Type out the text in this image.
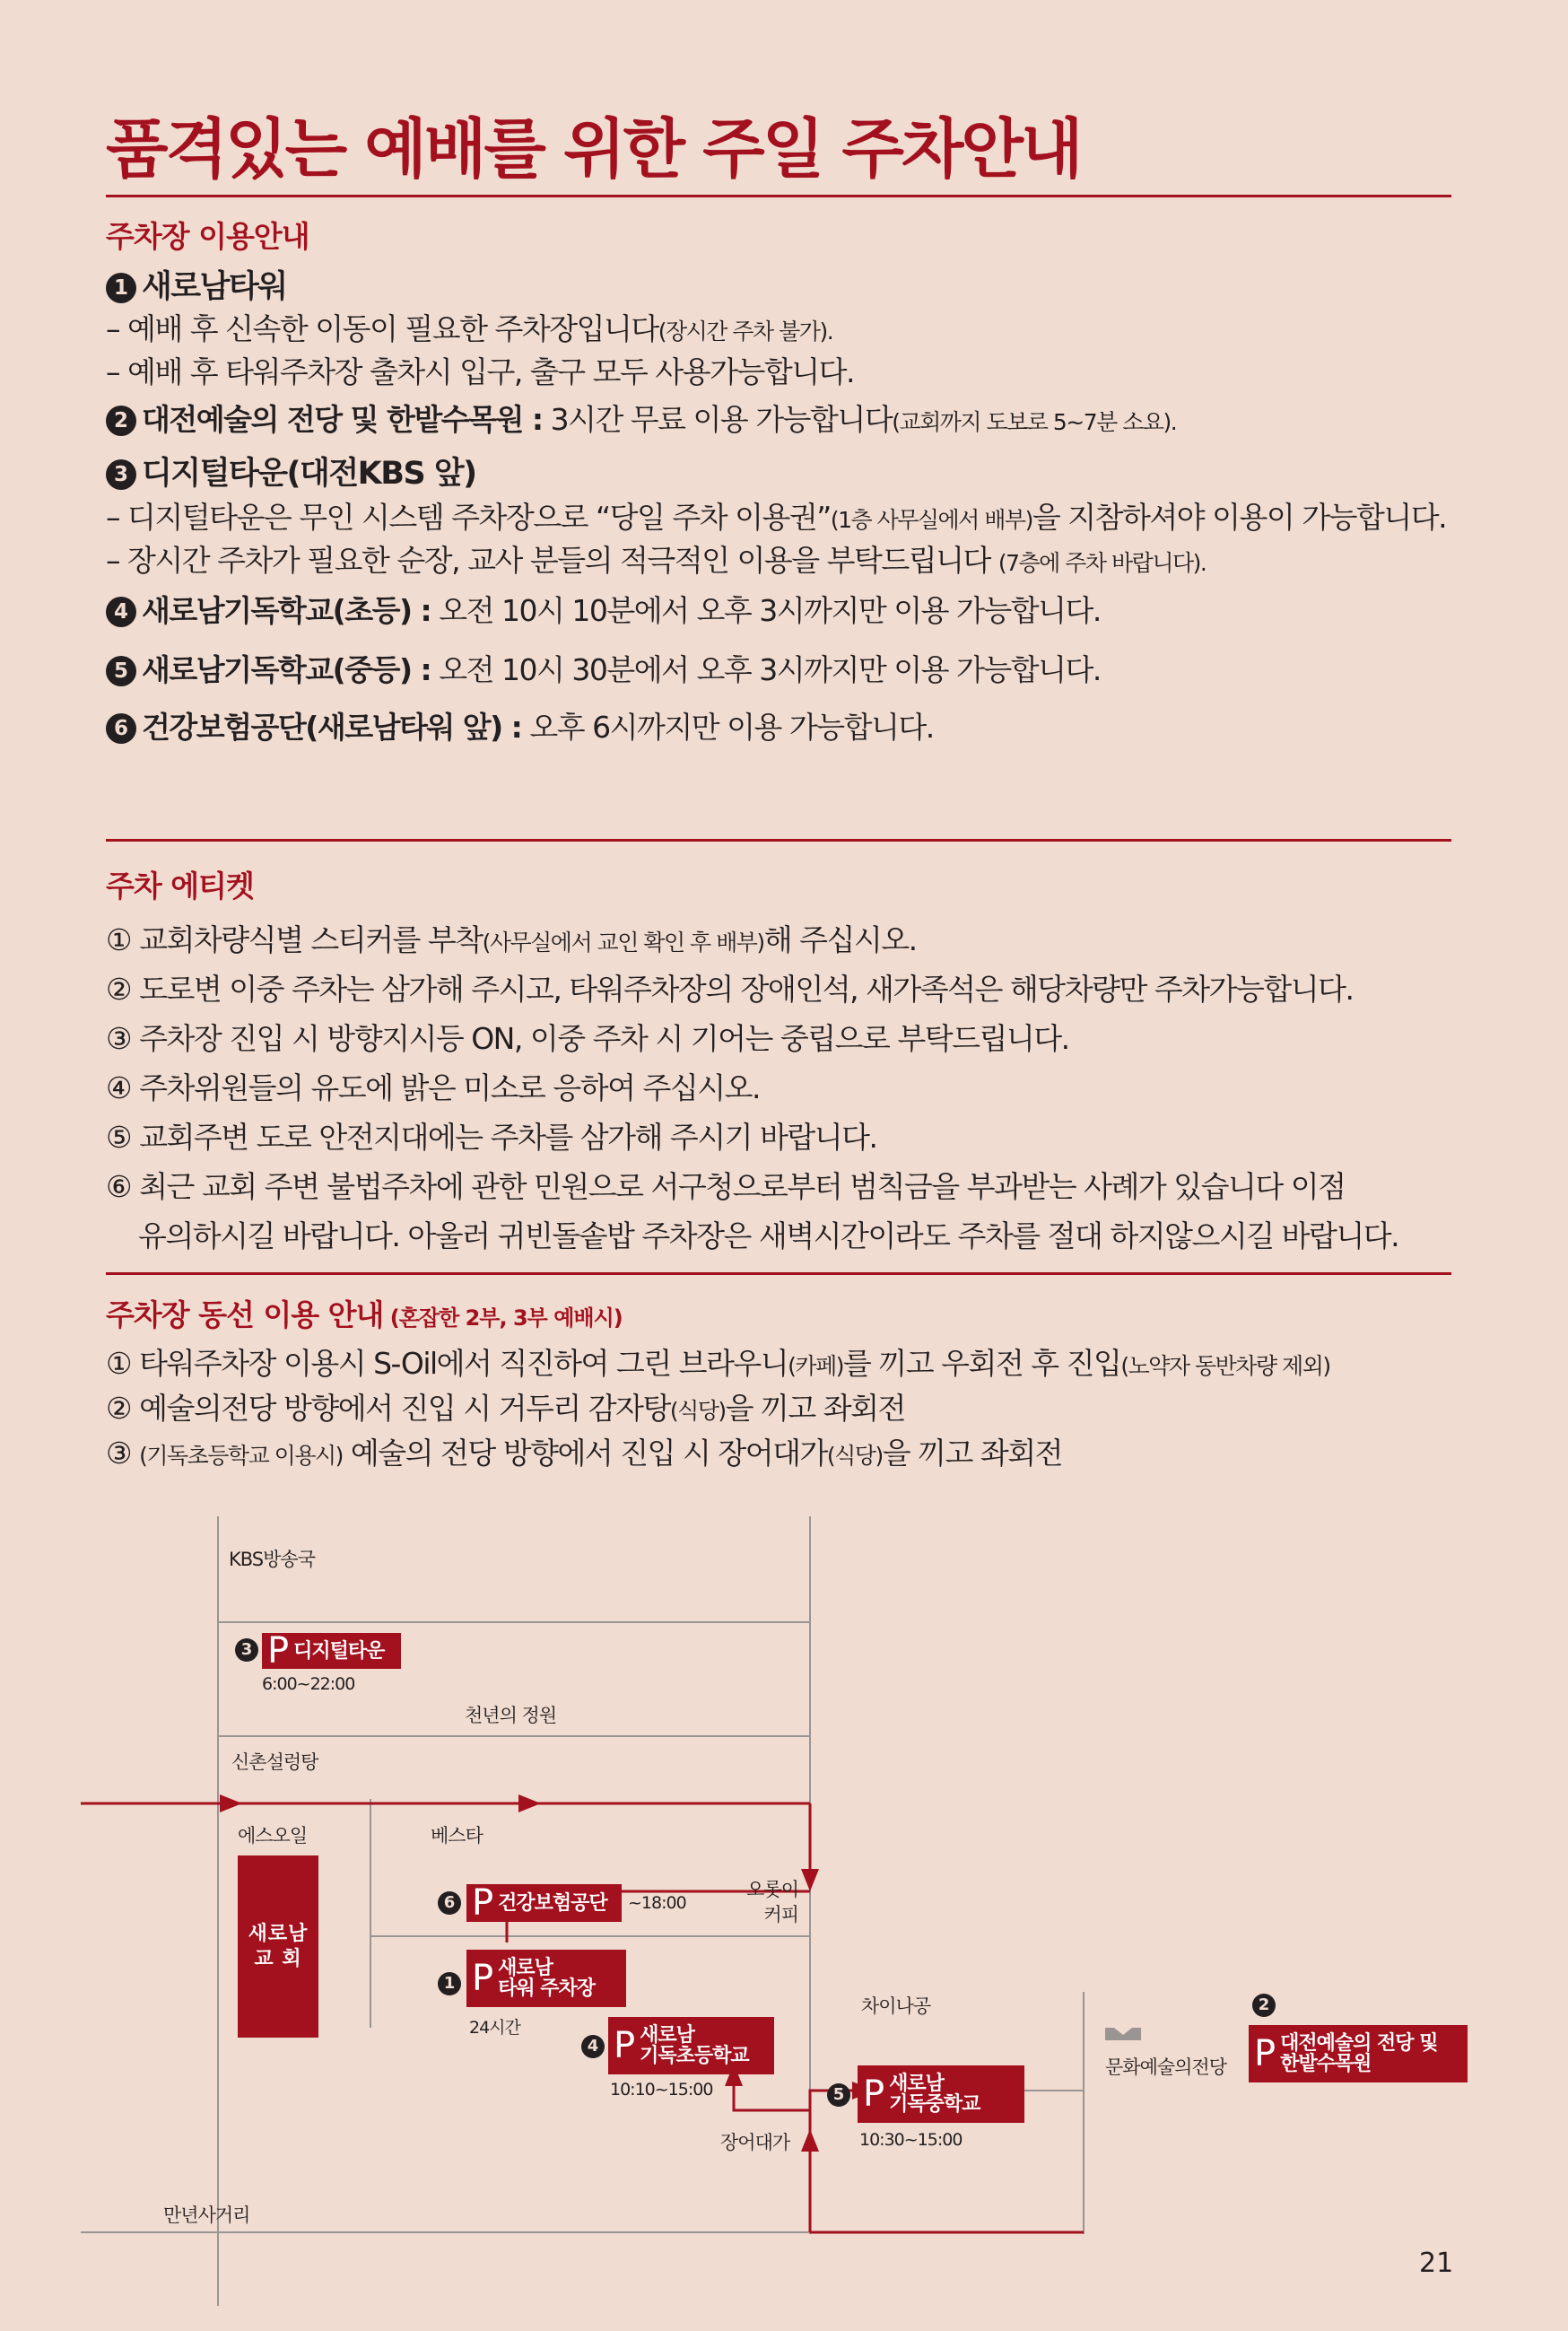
품격있는 예배를 위한 주일 주차안내
주차장 이용안내

1 새로남타워

– 예배 후 신속한 이동이 필요한 주차장입니다(장시간 주차 불가).

– 예배 후 타워주차장 출차시 입구, 출구 모두 사용가능합니다.

2 대전예술의 전당 및 한밭수목원 : 3시간 무료 이용 가능합니다(교회까지 도보로 5~7분 소요).

3 디지털타운(대전KBS 앞)

– 디지털타운은 무인 시스템 주차장으로 “당일 주차 이용권”(1층 사무실에서 배부)을 지참하셔야 이용이 가능합니다.

– 장시간 주차가 필요한 순장, 교사 분들의 적극적인 이용을 부탁드립니다 (7층에 주차 바랍니다).

4 새로남기독학교(초등) : 오전 10시 10분에서 오후 3시까지만 이용 가능합니다.

5 새로남기독학교(중등) : 오전 10시 30분에서 오후 3시까지만 이용 가능합니다.

6 건강보험공단(새로남타워 앞) : 오후 6시까지만 이용 가능합니다.

주차 에티켓

① 교회차량식별 스티커를 부착(사무실에서 교인 확인 후 배부)해 주십시오.

② 도로변 이중 주차는 삼가해 주시고, 타워주차장의 장애인석, 새가족석은 해당차량만 주차가능합니다.

③ 주차장 진입 시 방향지시등 ON, 이중 주차 시 기어는 중립으로 부탁드립니다.

④ 주차위원들의 유도에 밝은 미소로 응하여 주십시오.

⑤ 교회주변 도로 안전지대에는 주차를 삼가해 주시기 바랍니다.

⑥ 최근 교회 주변 불법주차에 관한 민원으로 서구청으로부터 범칙금을 부과받는 사례가 있습니다 이점

유의하시길 바랍니다. 아울러 귀빈돌솥밥 주차장은 새벽시간이라도 주차를 절대 하지않으시길 바랍니다.

주차장 동선 이용 안내 (혼잡한 2부, 3부 예배시)

① 타워주차장 이용시 S-Oil에서 직진하여 그린 브라우니(카페)를 끼고 우회전 후 진입(노약자 동반차량 제외)

② 예술의전당 방향에서 진입 시 거두리 감자탕(식당)을 끼고 좌회전

③ (기독초등학교 이용시) 예술의 전당 방향에서 진입 시 장어대가(식당)을 끼고 좌회전

KBS방송국
3 P 디지털타운
6:00~22:00
천년의 정원
신촌설렁탕
에스오일	베스타
새로남
교 회
6 P 건강보험공단 ~18:00
오롯이
커피
1 P 새로남
타워 주차장
24시간
차이나공
4 P 새로남
기독초등학교
10:10~15:00	5 P 새로남
기독중학교
10:30~15:00
장어대가
2
P 대전예술의 전당 및
한밭수목원
문화예술의전당
만년사거리
21
